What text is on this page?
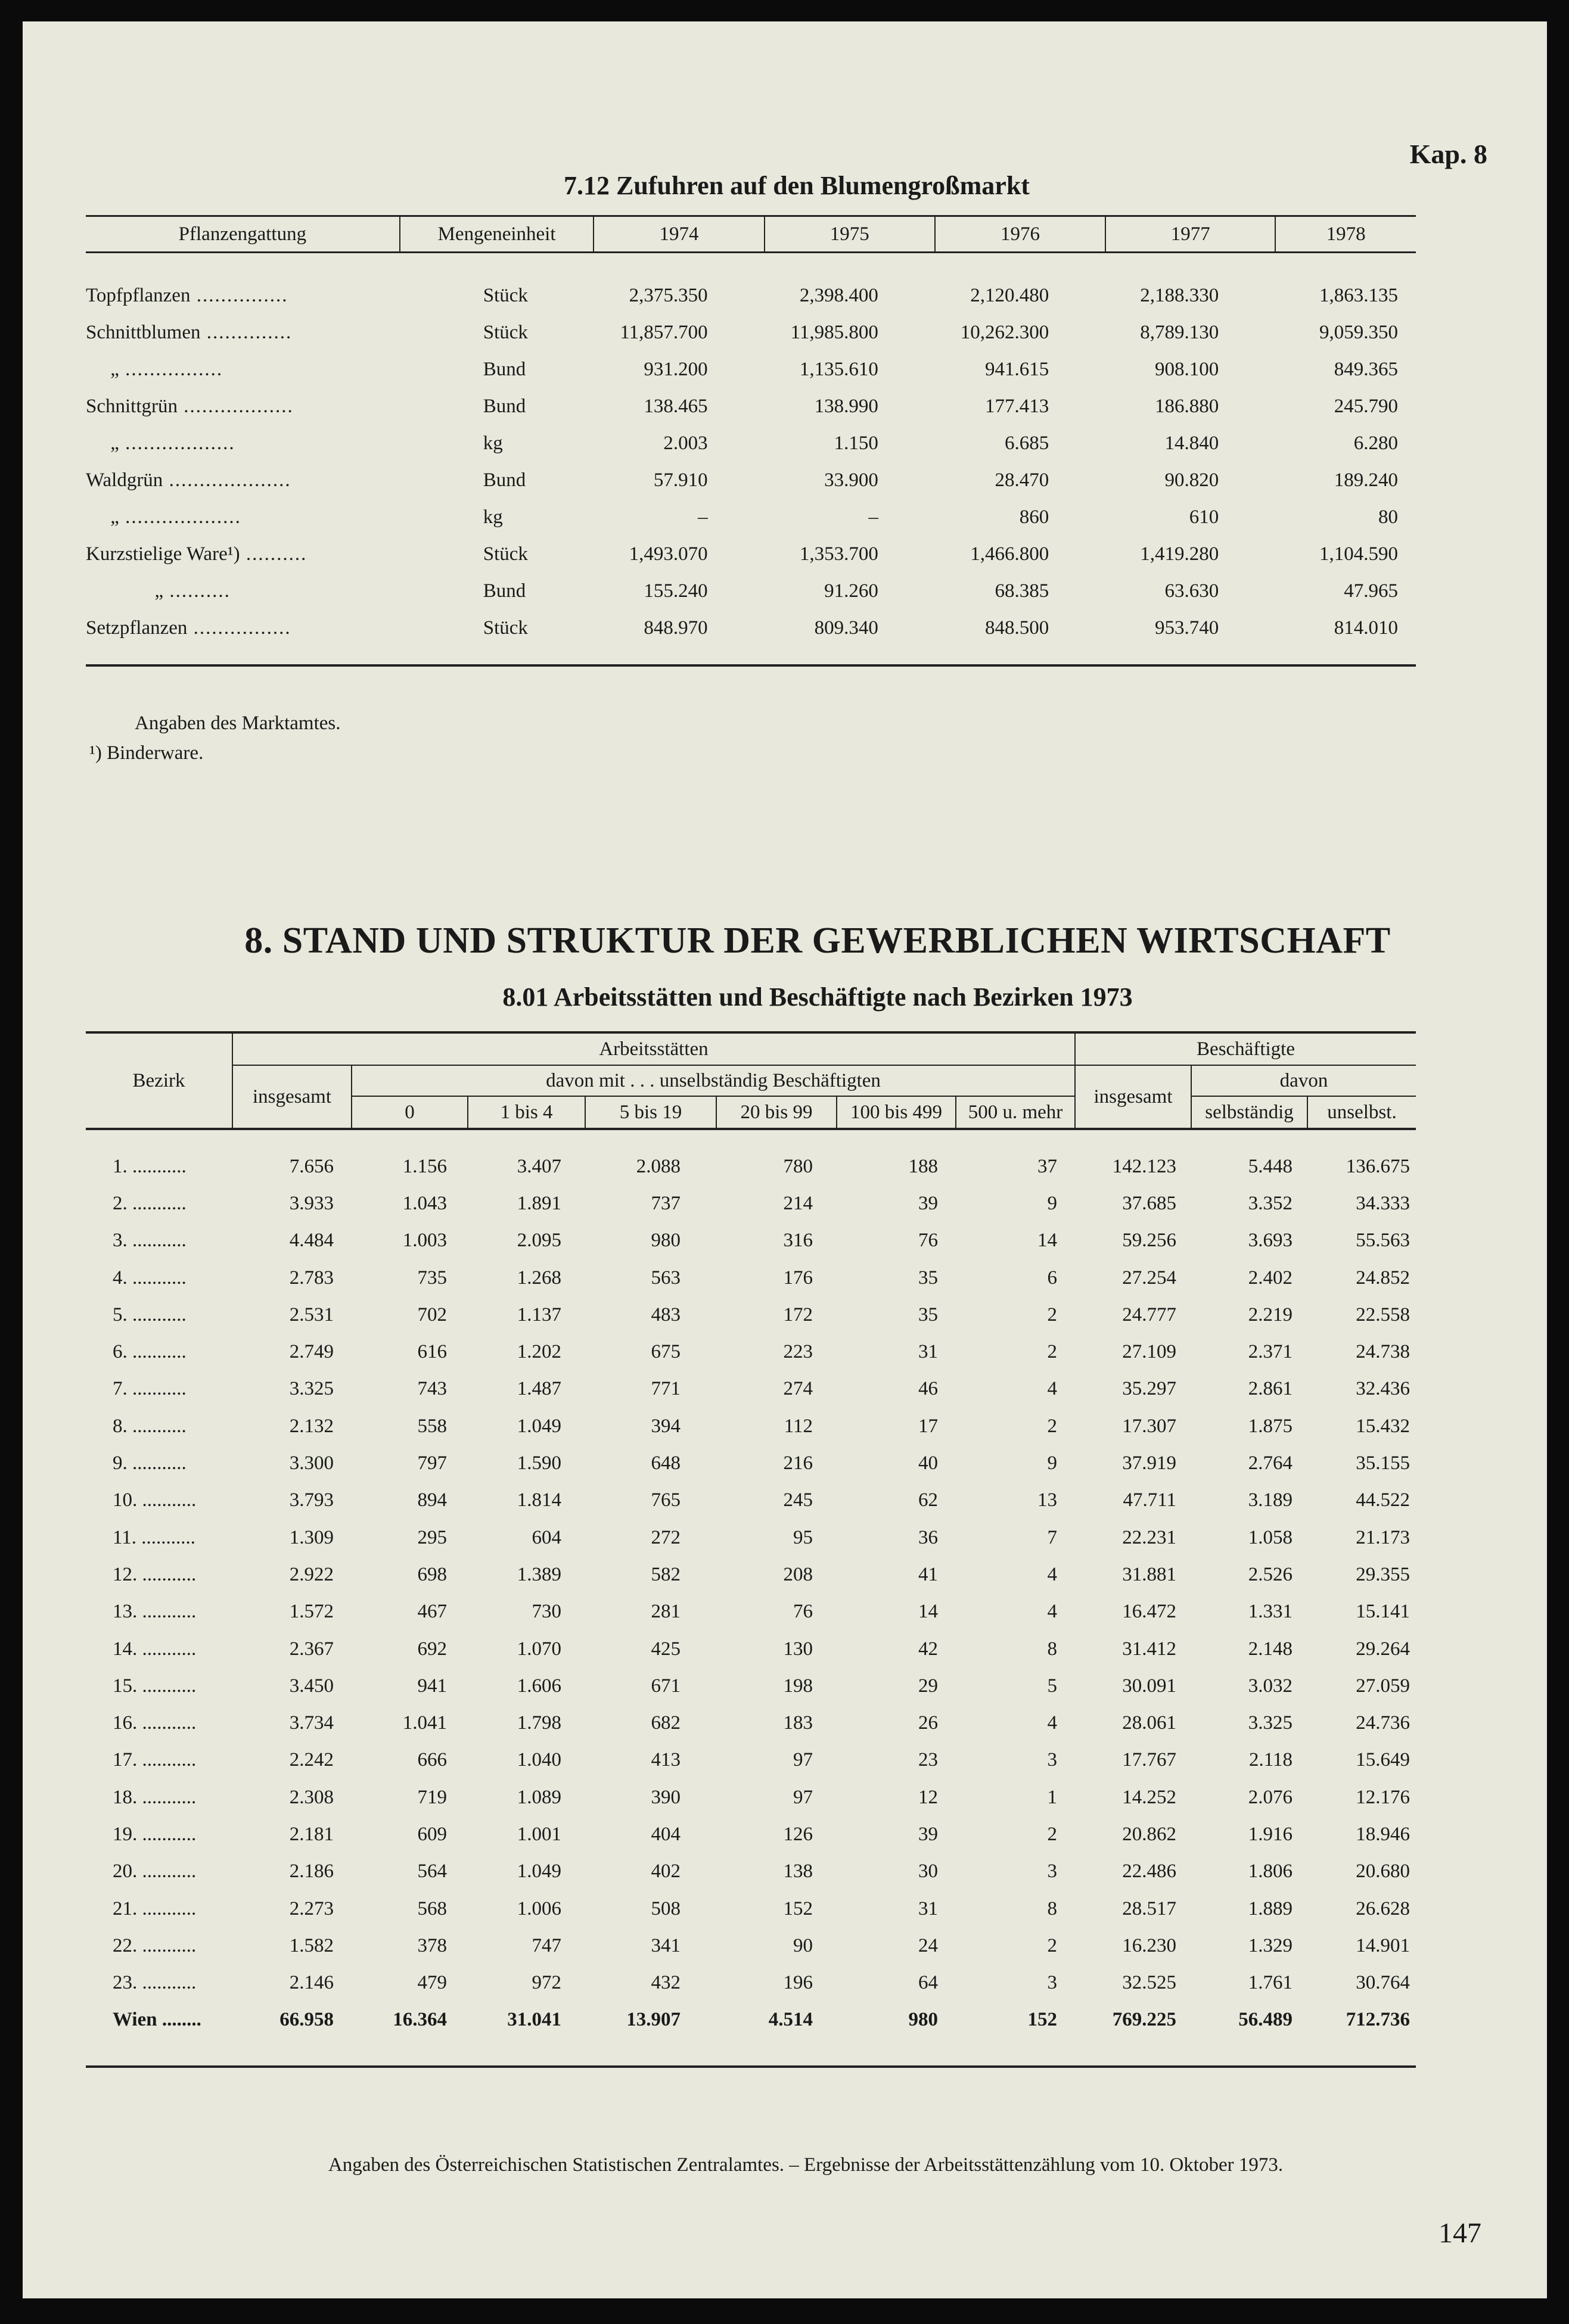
Kap. 8
7.12 Zufuhren auf den Blumengroßmarkt
Pflanzengattung	Mengeneinheit	1974	1975	1976	1977	1978

Topfpflanzen ...............	Stück	2,375.350	2,398.400	2,120.480	2,188.330	1,863.135
Schnittblumen ..............	Stück	11,857.700	11,985.800	10,262.300	8,789.130	9,059.350
„ ................	Bund	931.200	1,135.610	941.615	908.100	849.365
Schnittgrün ..................	Bund	138.465	138.990	177.413	186.880	245.790
„ ..................	kg	2.003	1.150	6.685	14.840	6.280
Waldgrün ....................	Bund	57.910	33.900	28.470	90.820	189.240
„ ...................	kg	–	–	860	610	80
Kurzstielige Ware¹) ..........	Stück	1,493.070	1,353.700	1,466.800	1,419.280	1,104.590
„ ..........	Bund	155.240	91.260	68.385	63.630	47.965
Setzpflanzen ................	Stück	848.970	809.340	848.500	953.740	814.010

Angaben des Marktamtes.
¹) Binderware.
8. STAND UND STRUKTUR DER GEWERBLICHEN WIRTSCHAFT
8.01 Arbeitsstätten und Beschäftigte nach Bezirken 1973
Bezirk	Arbeitsstätten							Beschäftigte		
	insgesamt	davon mit . . . unselbständig Beschäftigten						insgesamt	davon	
		0	1 bis 4	5 bis 19	20 bis 99	100 bis 499	500 u. mehr		selbständig	unselbst.

1. ...........	7.656	1.156	3.407	2.088	780	188	37	142.123	5.448	136.675
2. ...........	3.933	1.043	1.891	737	214	39	9	37.685	3.352	34.333
3. ...........	4.484	1.003	2.095	980	316	76	14	59.256	3.693	55.563
4. ...........	2.783	735	1.268	563	176	35	6	27.254	2.402	24.852
5. ...........	2.531	702	1.137	483	172	35	2	24.777	2.219	22.558
6. ...........	2.749	616	1.202	675	223	31	2	27.109	2.371	24.738
7. ...........	3.325	743	1.487	771	274	46	4	35.297	2.861	32.436
8. ...........	2.132	558	1.049	394	112	17	2	17.307	1.875	15.432
9. ...........	3.300	797	1.590	648	216	40	9	37.919	2.764	35.155
10. ...........	3.793	894	1.814	765	245	62	13	47.711	3.189	44.522
11. ...........	1.309	295	604	272	95	36	7	22.231	1.058	21.173
12. ...........	2.922	698	1.389	582	208	41	4	31.881	2.526	29.355
13. ...........	1.572	467	730	281	76	14	4	16.472	1.331	15.141
14. ...........	2.367	692	1.070	425	130	42	8	31.412	2.148	29.264
15. ...........	3.450	941	1.606	671	198	29	5	30.091	3.032	27.059
16. ...........	3.734	1.041	1.798	682	183	26	4	28.061	3.325	24.736
17. ...........	2.242	666	1.040	413	97	23	3	17.767	2.118	15.649
18. ...........	2.308	719	1.089	390	97	12	1	14.252	2.076	12.176
19. ...........	2.181	609	1.001	404	126	39	2	20.862	1.916	18.946
20. ...........	2.186	564	1.049	402	138	30	3	22.486	1.806	20.680
21. ...........	2.273	568	1.006	508	152	31	8	28.517	1.889	26.628
22. ...........	1.582	378	747	341	90	24	2	16.230	1.329	14.901
23. ...........	2.146	479	972	432	196	64	3	32.525	1.761	30.764
Wien ........	66.958	16.364	31.041	13.907	4.514	980	152	769.225	56.489	712.736

Angaben des Österreichischen Statistischen Zentralamtes. – Ergebnisse der Arbeitsstättenzählung vom 10. Oktober 1973.
147
